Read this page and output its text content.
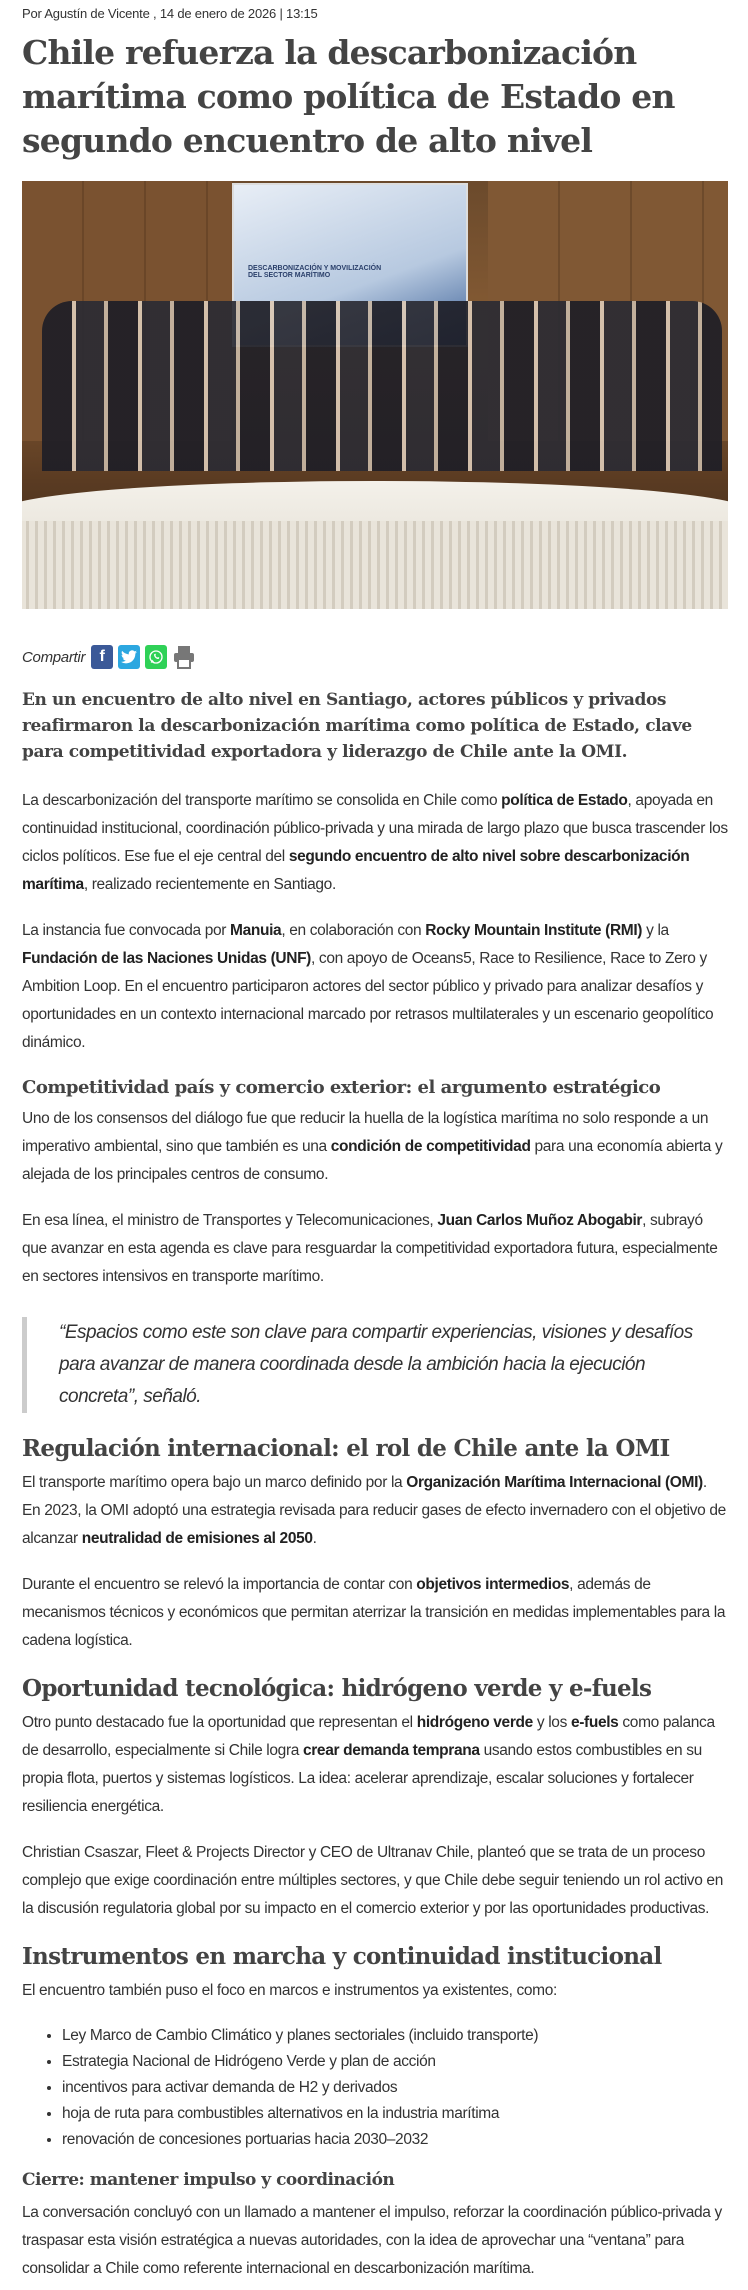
Por Agustín de Vicente , 14 de enero de 2026 | 13:15
Chile refuerza la descarbonización marítima como política de Estado en segundo encuentro de alto nivel
DESCARBONIZACIÓN Y MOVILIZACIÓN DEL SECTOR MARÍTIMO
Compartir f
En un encuentro de alto nivel en Santiago, actores públicos y privados reafirmaron la descarbonización marítima como política de Estado, clave para competitividad exportadora y liderazgo de Chile ante la OMI.

La descarbonización del transporte marítimo se consolida en Chile como política de Estado, apoyada en continuidad institucional, coordinación público-privada y una mirada de largo plazo que busca trascender los ciclos políticos. Ese fue el eje central del segundo encuentro de alto nivel sobre descarbonización marítima, realizado recientemente en Santiago.

La instancia fue convocada por Manuia, en colaboración con Rocky Mountain Institute (RMI) y la Fundación de las Naciones Unidas (UNF), con apoyo de Oceans5, Race to Resilience, Race to Zero y Ambition Loop. En el encuentro participaron actores del sector público y privado para analizar desafíos y oportunidades en un contexto internacional marcado por retrasos multilaterales y un escenario geopolítico dinámico.

Competitividad país y comercio exterior: el argumento estratégico

Uno de los consensos del diálogo fue que reducir la huella de la logística marítima no solo responde a un imperativo ambiental, sino que también es una condición de competitividad para una economía abierta y alejada de los principales centros de consumo.

En esa línea, el ministro de Transportes y Telecomunicaciones, Juan Carlos Muñoz Abogabir, subrayó que avanzar en esta agenda es clave para resguardar la competitividad exportadora futura, especialmente en sectores intensivos en transporte marítimo.

“Espacios como este son clave para compartir experiencias, visiones y desafíos para avanzar de manera coordinada desde la ambición hacia la ejecución concreta”, señaló.
Regulación internacional: el rol de Chile ante la OMI

El transporte marítimo opera bajo un marco definido por la Organización Marítima Internacional (OMI). En 2023, la OMI adoptó una estrategia revisada para reducir gases de efecto invernadero con el objetivo de alcanzar neutralidad de emisiones al 2050.

Durante el encuentro se relevó la importancia de contar con objetivos intermedios, además de mecanismos técnicos y económicos que permitan aterrizar la transición en medidas implementables para la cadena logística.

Oportunidad tecnológica: hidrógeno verde y e-fuels

Otro punto destacado fue la oportunidad que representan el hidrógeno verde y los e-fuels como palanca de desarrollo, especialmente si Chile logra crear demanda temprana usando estos combustibles en su propia flota, puertos y sistemas logísticos. La idea: acelerar aprendizaje, escalar soluciones y fortalecer resiliencia energética.

Christian Csaszar, Fleet & Projects Director y CEO de Ultranav Chile, planteó que se trata de un proceso complejo que exige coordinación entre múltiples sectores, y que Chile debe seguir teniendo un rol activo en la discusión regulatoria global por su impacto en el comercio exterior y por las oportunidades productivas.

Instrumentos en marcha y continuidad institucional

El encuentro también puso el foco en marcos e instrumentos ya existentes, como:

• Ley Marco de Cambio Climático y planes sectoriales (incluido transporte)
• Estrategia Nacional de Hidrógeno Verde y plan de acción
• incentivos para activar demanda de H2 y derivados
• hoja de ruta para combustibles alternativos en la industria marítima
• renovación de concesiones portuarias hacia 2030–2032
Cierre: mantener impulso y coordinación

La conversación concluyó con un llamado a mantener el impulso, reforzar la coordinación público-privada y traspasar esta visión estratégica a nuevas autoridades, con la idea de aprovechar una “ventana” para consolidar a Chile como referente internacional en descarbonización marítima.
